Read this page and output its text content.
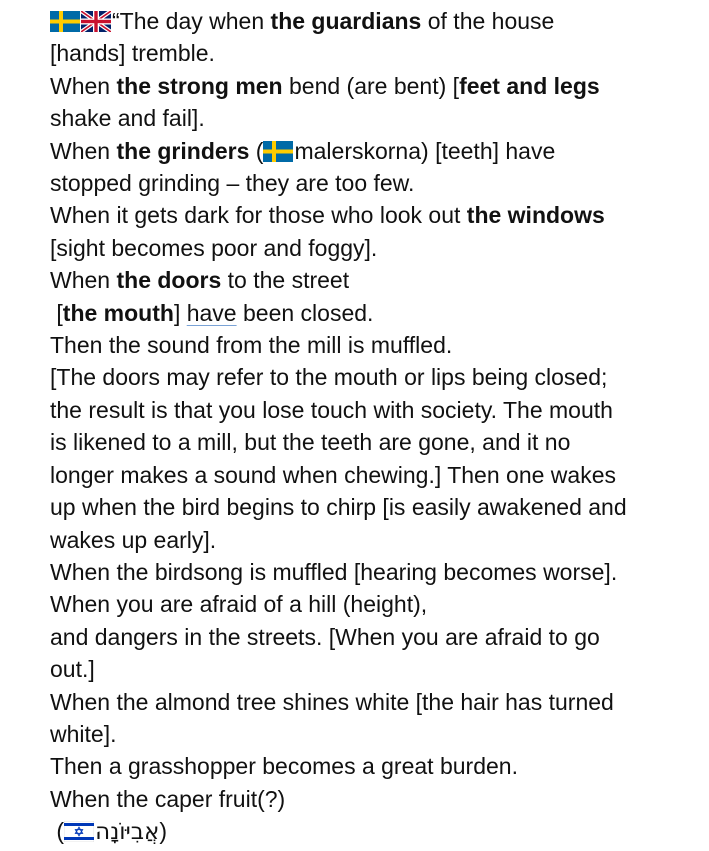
“The day when the guardians of the house
[hands] tremble.
When the strong men bend (are bent) [feet and legs
shake and fail].
When the grinders ( malerskorna) [teeth] have
stopped grinding – they are too few.
When it gets dark for those who look out the windows
[sight becomes poor and foggy].
When the doors to the street
[the mouth] have been closed.
Then the sound from the mill is muffled.
[The doors may refer to the mouth or lips being closed;
the result is that you lose touch with society. The mouth
is likened to a mill, but the teeth are gone, and it no
longer makes a sound when chewing.] Then one wakes
up when the bird begins to chirp [is easily awakened and
wakes up early].
When the birdsong is muffled [hearing becomes worse].
When you are afraid of a hill (height),
and dangers in the streets. [When you are afraid to go
out.]
When the almond tree shines white [the hair has turned
white].
Then a grasshopper becomes a great burden.
When the caper fruit(?)
( אֲבִיּוֹנָה)
